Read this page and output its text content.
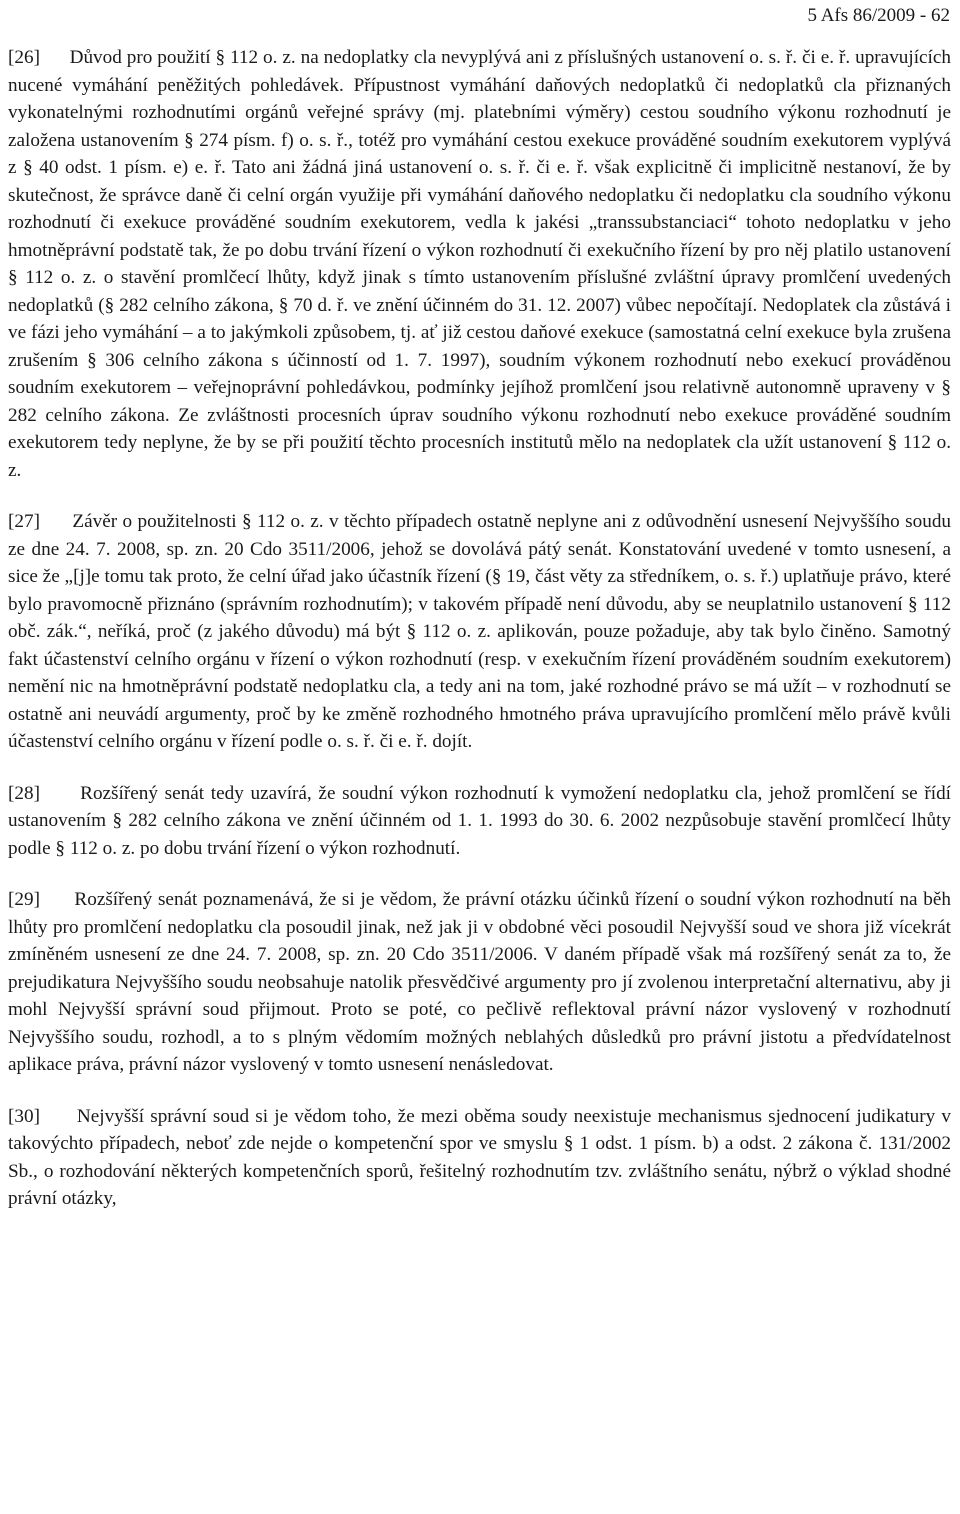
5 Afs 86/2009 - 62

[26] Důvod pro použití § 112 o. z. na nedoplatky cla nevyplývá ani z příslušných ustanovení o. s. ř. či e. ř. upravujících nucené vymáhání peněžitých pohledávek. Přípustnost vymáhání daňových nedoplatků či nedoplatků cla přiznaných vykonatelnými rozhodnutími orgánů veřejné správy (mj. platebními výměry) cestou soudního výkonu rozhodnutí je založena ustanovením § 274 písm. f) o. s. ř., totéž pro vymáhání cestou exekuce prováděné soudním exekutorem vyplývá z § 40 odst. 1 písm. e) e. ř. Tato ani žádná jiná ustanovení o. s. ř. či e. ř. však explicitně či implicitně nestanoví, že by skutečnost, že správce daně či celní orgán využije při vymáhání daňového nedoplatku či nedoplatku cla soudního výkonu rozhodnutí či exekuce prováděné soudním exekutorem, vedla k jakési „transsubstanciaci“ tohoto nedoplatku v jeho hmotněprávní podstatě tak, že po dobu trvání řízení o výkon rozhodnutí či exekučního řízení by pro něj platilo ustanovení § 112 o. z. o stavění promlčecí lhůty, když jinak s tímto ustanovením příslušné zvláštní úpravy promlčení uvedených nedoplatků (§ 282 celního zákona, § 70 d. ř. ve znění účinném do 31. 12. 2007) vůbec nepočítají. Nedoplatek cla zůstává i ve fázi jeho vymáhání – a to jakýmkoli způsobem, tj. ať již cestou daňové exekuce (samostatná celní exekuce byla zrušena zrušením § 306 celního zákona s účinností od 1. 7. 1997), soudním výkonem rozhodnutí nebo exekucí prováděnou soudním exekutorem – veřejnoprávní pohledávkou, podmínky jejíhož promlčení jsou relativně autonomně upraveny v § 282 celního zákona. Ze zvláštnosti procesních úprav soudního výkonu rozhodnutí nebo exekuce prováděné soudním exekutorem tedy neplyne, že by se při použití těchto procesních institutů mělo na nedoplatek cla užít ustanovení § 112 o. z.

[27] Závěr o použitelnosti § 112 o. z. v těchto případech ostatně neplyne ani z odůvodnění usnesení Nejvyššího soudu ze dne 24. 7. 2008, sp. zn. 20 Cdo 3511/2006, jehož se dovolává pátý senát. Konstatování uvedené v tomto usnesení, a sice že „[j]e tomu tak proto, že celní úřad jako účastník řízení (§ 19, část věty za středníkem, o. s. ř.) uplatňuje právo, které bylo pravomocně přiznáno (správním rozhodnutím); v takovém případě není důvodu, aby se neuplatnilo ustanovení § 112 obč. zák.“, neříká, proč (z jakého důvodu) má být § 112 o. z. aplikován, pouze požaduje, aby tak bylo činěno. Samotný fakt účastenství celního orgánu v řízení o výkon rozhodnutí (resp. v exekučním řízení prováděném soudním exekutorem) nemění nic na hmotněprávní podstatě nedoplatku cla, a tedy ani na tom, jaké rozhodné právo se má užít – v rozhodnutí se ostatně ani neuvádí argumenty, proč by ke změně rozhodného hmotného práva upravujícího promlčení mělo právě kvůli účastenství celního orgánu v řízení podle o. s. ř. či e. ř. dojít.

[28] Rozšířený senát tedy uzavírá, že soudní výkon rozhodnutí k vymožení nedoplatku cla, jehož promlčení se řídí ustanovením § 282 celního zákona ve znění účinném od 1. 1. 1993 do 30. 6. 2002 nezpůsobuje stavění promlčecí lhůty podle § 112 o. z. po dobu trvání řízení o výkon rozhodnutí.

[29] Rozšířený senát poznamenává, že si je vědom, že právní otázku účinků řízení o soudní výkon rozhodnutí na běh lhůty pro promlčení nedoplatku cla posoudil jinak, než jak ji v obdobné věci posoudil Nejvyšší soud ve shora již vícekrát zmíněném usnesení ze dne 24. 7. 2008, sp. zn. 20 Cdo 3511/2006. V daném případě však má rozšířený senát za to, že prejudikatura Nejvyššího soudu neobsahuje natolik přesvědčivé argumenty pro jí zvolenou interpretační alternativu, aby ji mohl Nejvyšší správní soud přijmout. Proto se poté, co pečlivě reflektoval právní názor vyslovený v rozhodnutí Nejvyššího soudu, rozhodl, a to s plným vědomím možných neblahých důsledků pro právní jistotu a předvídatelnost aplikace práva, právní názor vyslovený v tomto usnesení nenásledovat.

[30] Nejvyšší správní soud si je vědom toho, že mezi oběma soudy neexistuje mechanismus sjednocení judikatury v takovýchto případech, neboť zde nejde o kompetenční spor ve smyslu § 1 odst. 1 písm. b) a odst. 2 zákona č. 131/2002 Sb., o rozhodování některých kompetenčních sporů, řešitelný rozhodnutím tzv. zvláštního senátu, nýbrž o výklad shodné právní otázky,
